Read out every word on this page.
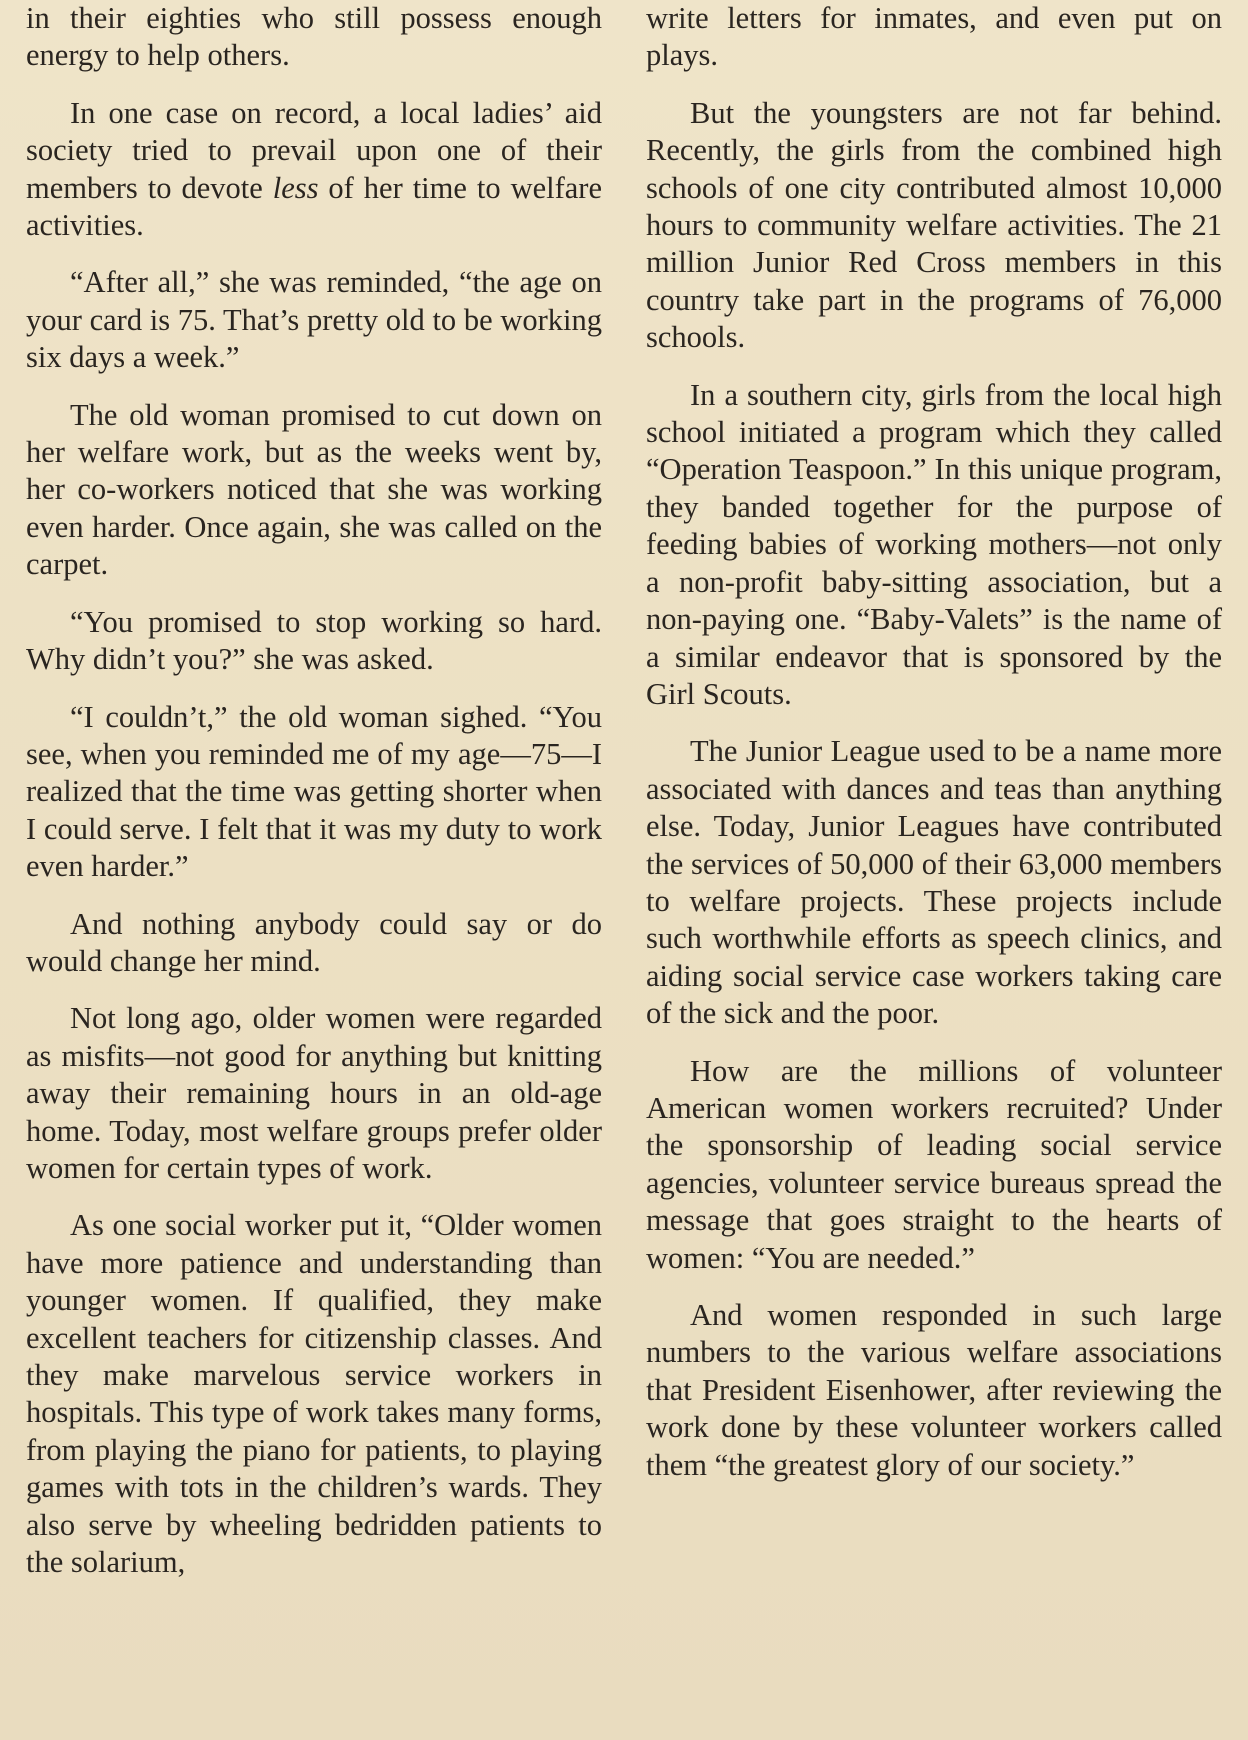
in their eighties who still possess enough energy to help others.

In one case on record, a local ladies’ aid society tried to prevail upon one of their members to devote less of her time to welfare activities.

“After all,” she was reminded, “the age on your card is 75. That’s pretty old to be working six days a week.”

The old woman promised to cut down on her welfare work, but as the weeks went by, her co-workers noticed that she was working even harder. Once again, she was called on the carpet.

“You promised to stop working so hard. Why didn’t you?” she was asked.

“I couldn’t,” the old woman sighed. “You see, when you reminded me of my age—75—I realized that the time was getting shorter when I could serve. I felt that it was my duty to work even harder.”

And nothing anybody could say or do would change her mind.

Not long ago, older women were regarded as misfits—not good for anything but knitting away their remaining hours in an old-age home. Today, most welfare groups prefer older women for certain types of work.

As one social worker put it, “Older women have more patience and understanding than younger women. If qualified, they make excellent teachers for citizenship classes. And they make marvelous service workers in hospitals. This type of work takes many forms, from playing the piano for patients, to playing games with tots in the children’s wards. They also serve by wheeling bedridden patients to the solarium,

write letters for inmates, and even put on plays.

But the youngsters are not far behind. Recently, the girls from the combined high schools of one city contributed almost 10,000 hours to community welfare activities. The 21 million Junior Red Cross members in this country take part in the programs of 76,000 schools.

In a southern city, girls from the local high school initiated a program which they called “Operation Teaspoon.” In this unique program, they banded together for the purpose of feeding babies of working mothers—not only a non-profit baby-sitting association, but a non-paying one. “Baby-Valets” is the name of a similar endeavor that is sponsored by the Girl Scouts.

The Junior League used to be a name more associated with dances and teas than anything else. Today, Junior Leagues have contributed the services of 50,000 of their 63,000 members to welfare projects. These projects include such worthwhile efforts as speech clinics, and aiding social service case workers taking care of the sick and the poor.

How are the millions of volunteer American women workers recruited? Under the sponsorship of leading social service agencies, volunteer service bureaus spread the message that goes straight to the hearts of women: “You are needed.”

And women responded in such large numbers to the various welfare associations that President Eisenhower, after reviewing the work done by these volunteer workers called them “the greatest glory of our society.”
